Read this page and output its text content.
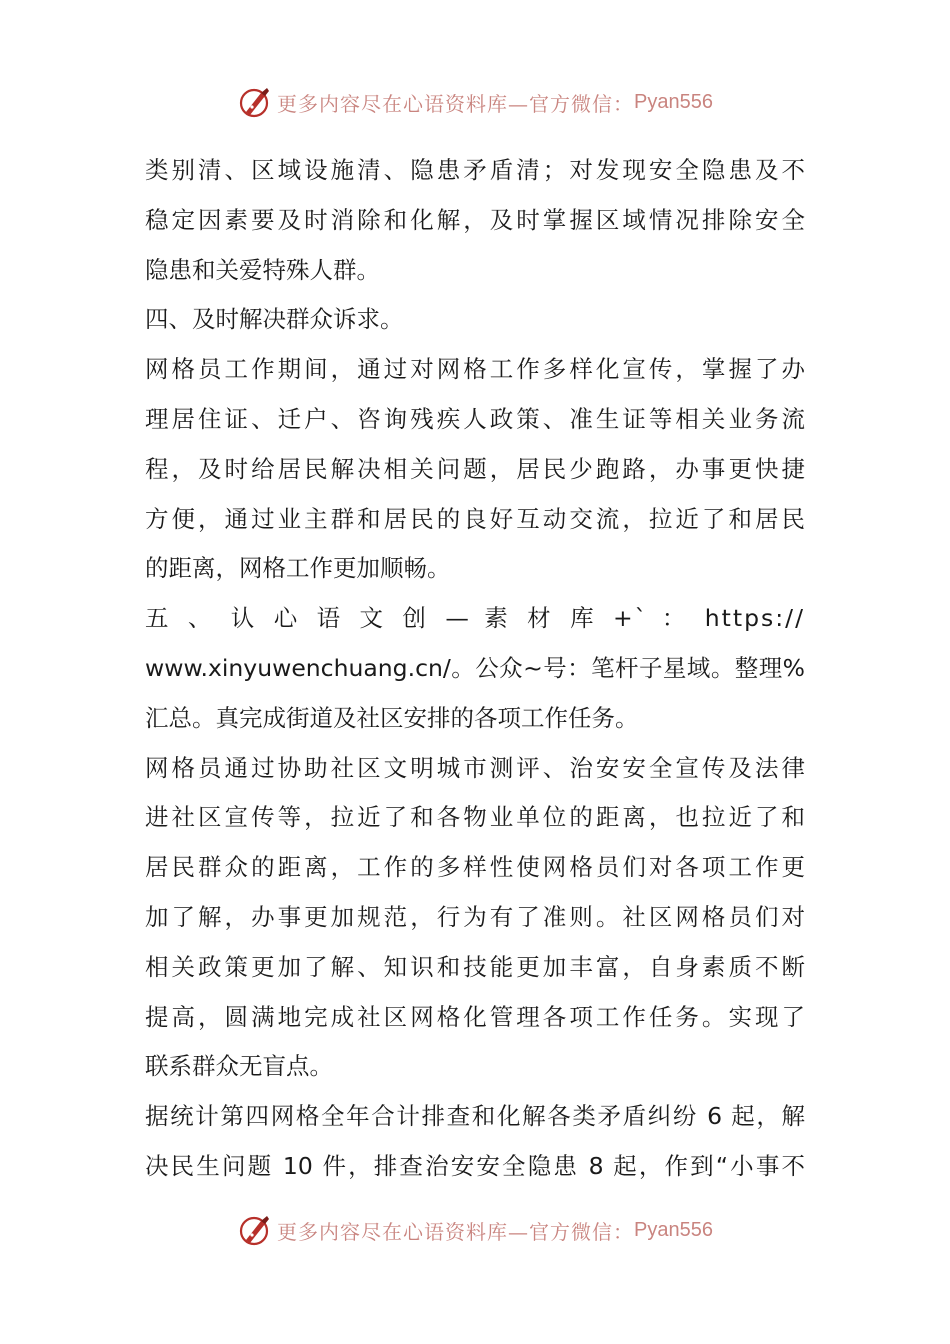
更多内容尽在心语资料库—官方微信： Pyan556
类别清、区域设施清、隐患矛盾清；对发现安全隐患及不
稳定因素要及时消除和化解，及时掌握区域情况排除安全
隐患和关爱特殊人群。
四、及时解决群众诉求。
网格员工作期间，通过对网格工作多样化宣传，掌握了办
理居住证、迁户、咨询残疾人政策、准生证等相关业务流
程，及时给居民解决相关问题，居民少跑路，办事更快捷
方便，通过业主群和居民的良好互动交流，拉近了和居民
的距离，网格工作更加顺畅。
五 、 认 心 语 文 创 — 素 材 库 +` ： https://
www.xinyuwenchuang.cn/。公众~号：笔杆子星域。整理%
汇总。真完成街道及社区安排的各项工作任务。
网格员通过协助社区文明城市测评、治安安全宣传及法律
进社区宣传等，拉近了和各物业单位的距离，也拉近了和
居民群众的距离，工作的多样性使网格员们对各项工作更
加了解，办事更加规范，行为有了准则。社区网格员们对
相关政策更加了解、知识和技能更加丰富，自身素质不断
提高，圆满地完成社区网格化管理各项工作任务。实现了
联系群众无盲点。
据统计第四网格全年合计排查和化解各类矛盾纠纷 6 起，解
决民生问题 10 件，排查治安安全隐患 8 起，作到“小事不
更多内容尽在心语资料库—官方微信： Pyan556
